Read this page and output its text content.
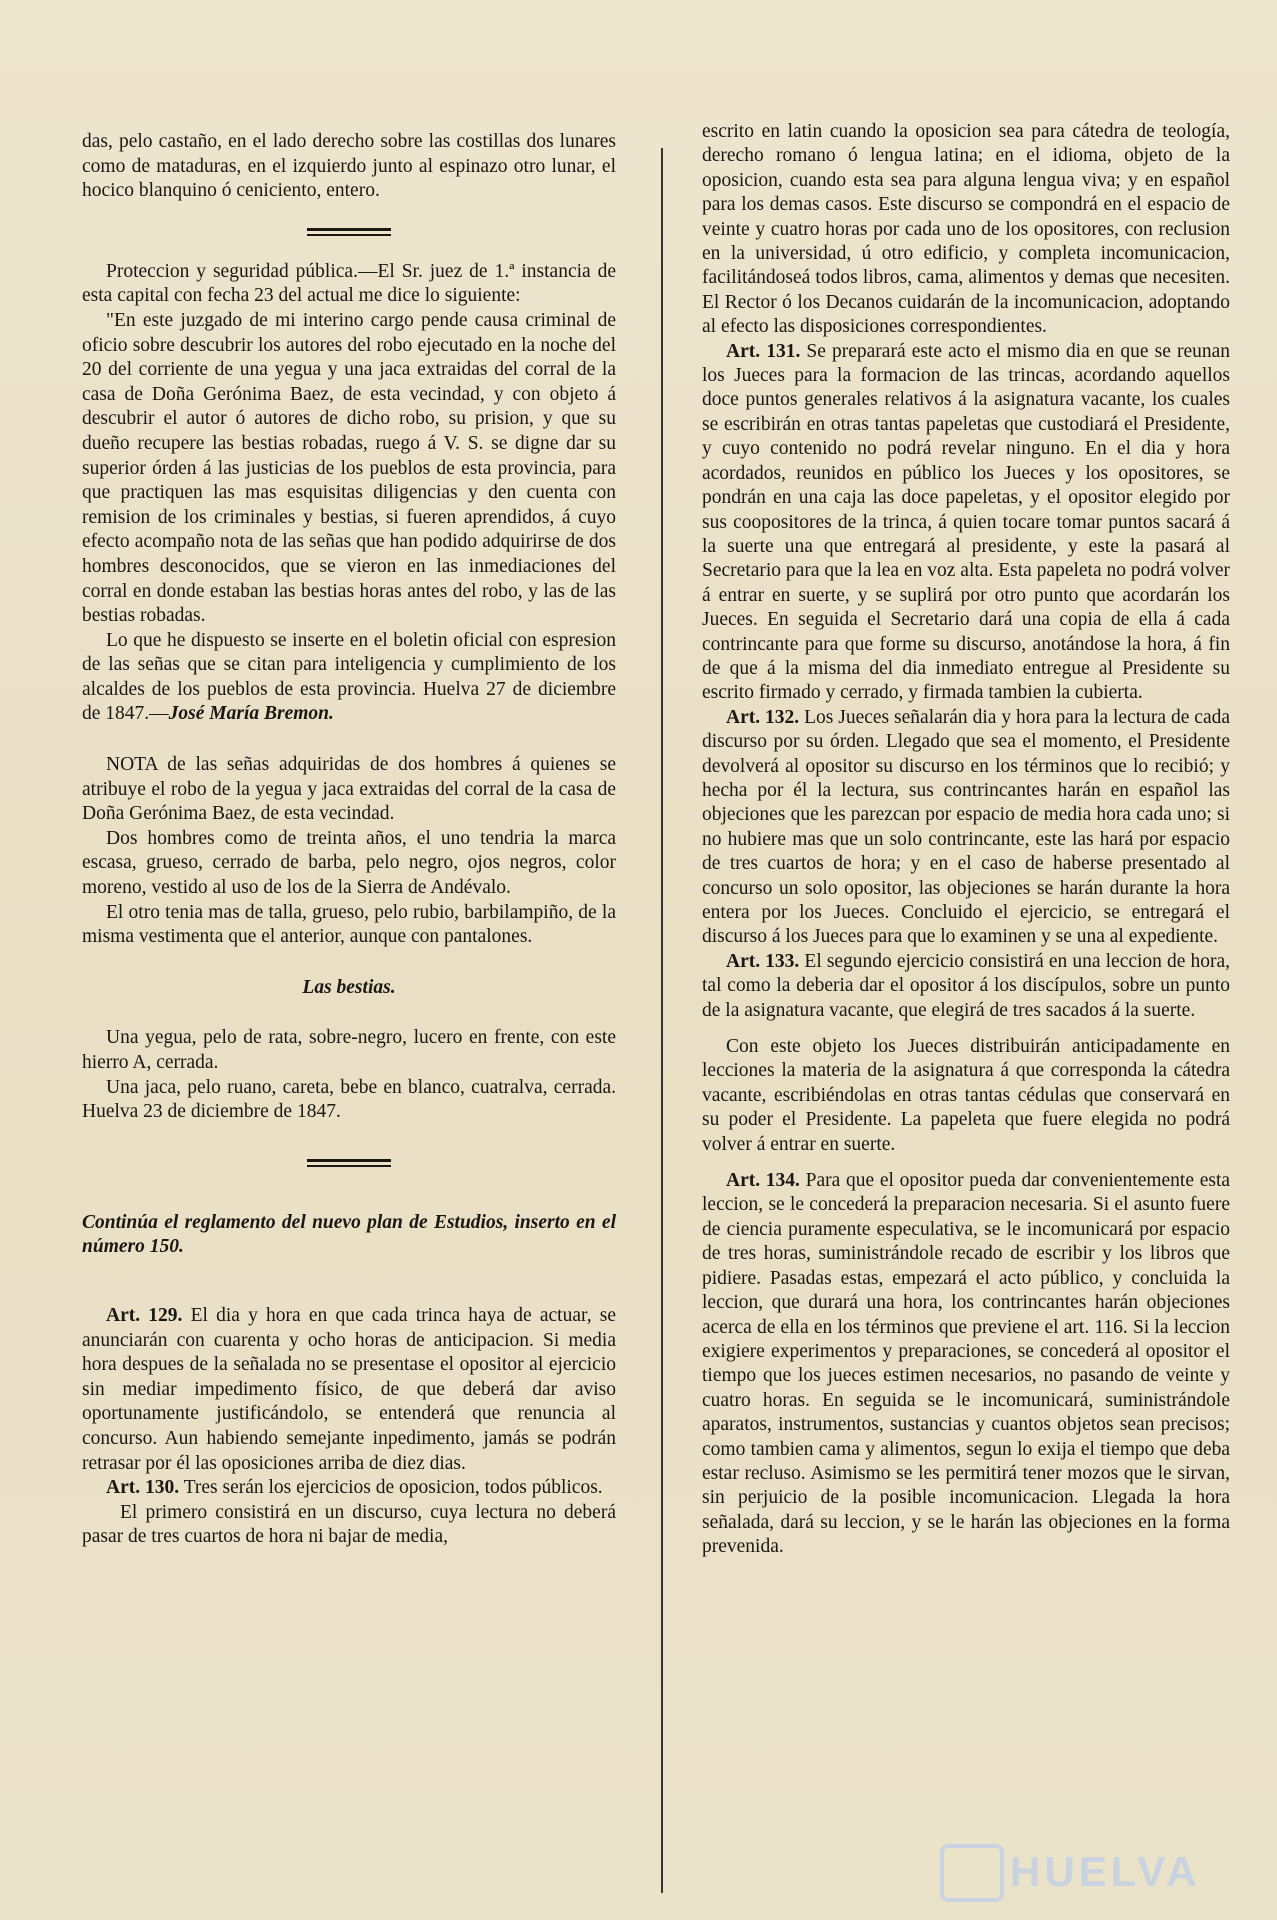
das, pelo castaño, en el lado derecho sobre las costillas dos lunares como de mataduras, en el izquierdo junto al espinazo otro lunar, el hocico blanquino ó ceniciento, entero.

Proteccion y seguridad pública.—El Sr. juez de 1.ª instancia de esta capital con fecha 23 del actual me dice lo siguiente:

"En este juzgado de mi interino cargo pende causa criminal de oficio sobre descubrir los autores del robo ejecutado en la noche del 20 del corriente de una yegua y una jaca extraidas del corral de la casa de Doña Gerónima Baez, de esta vecindad, y con objeto á descubrir el autor ó autores de dicho robo, su prision, y que su dueño recupere las bestias robadas, ruego á V. S. se digne dar su superior órden á las justicias de los pueblos de esta provincia, para que practiquen las mas esquisitas diligencias y den cuenta con remision de los criminales y bestias, si fueren aprendidos, á cuyo efecto acompaño nota de las señas que han podido adquirirse de dos hombres desconocidos, que se vieron en las inmediaciones del corral en donde estaban las bestias horas antes del robo, y las de las bestias robadas.

Lo que he dispuesto se inserte en el boletin oficial con espresion de las señas que se citan para inteligencia y cumplimiento de los alcaldes de los pueblos de esta provincia. Huelva 27 de diciembre de 1847.—José María Bremon.

NOTA de las señas adquiridas de dos hombres á quienes se atribuye el robo de la yegua y jaca extraidas del corral de la casa de Doña Gerónima Baez, de esta vecindad.

Dos hombres como de treinta años, el uno tendria la marca escasa, grueso, cerrado de barba, pelo negro, ojos negros, color moreno, vestido al uso de los de la Sierra de Andévalo.

El otro tenia mas de talla, grueso, pelo rubio, barbilampiño, de la misma vestimenta que el anterior, aunque con pantalones.

Las bestias.

Una yegua, pelo de rata, sobre-negro, lucero en frente, con este hierro A, cerrada.

Una jaca, pelo ruano, careta, bebe en blanco, cuatralva, cerrada. Huelva 23 de diciembre de 1847.

Continúa el reglamento del nuevo plan de Estudios, inserto en el número 150.

Art. 129. El dia y hora en que cada trinca haya de actuar, se anunciarán con cuarenta y ocho horas de anticipacion. Si media hora despues de la señalada no se presentase el opositor al ejercicio sin mediar impedimento físico, de que deberá dar aviso oportunamente justificándolo, se entenderá que renuncia al concurso. Aun habiendo semejante inpedimento, jamás se podrán retrasar por él las oposiciones arriba de diez dias.

Art. 130. Tres serán los ejercicios de oposicion, todos públicos.

El primero consistirá en un discurso, cuya lectura no deberá pasar de tres cuartos de hora ni bajar de media,

escrito en latin cuando la oposicion sea para cátedra de teología, derecho romano ó lengua latina; en el idioma, objeto de la oposicion, cuando esta sea para alguna lengua viva; y en español para los demas casos. Este discurso se compondrá en el espacio de veinte y cuatro horas por cada uno de los opositores, con reclusion en la universidad, ú otro edificio, y completa incomunicacion, facilitándoseá todos libros, cama, alimentos y demas que necesiten. El Rector ó los Decanos cuidarán de la incomunicacion, adoptando al efecto las disposiciones correspondientes.

Art. 131. Se preparará este acto el mismo dia en que se reunan los Jueces para la formacion de las trincas, acordando aquellos doce puntos generales relativos á la asignatura vacante, los cuales se escribirán en otras tantas papeletas que custodiará el Presidente, y cuyo contenido no podrá revelar ninguno. En el dia y hora acordados, reunidos en público los Jueces y los opositores, se pondrán en una caja las doce papeletas, y el opositor elegido por sus coopositores de la trinca, á quien tocare tomar puntos sacará á la suerte una que entregará al presidente, y este la pasará al Secretario para que la lea en voz alta. Esta papeleta no podrá volver á entrar en suerte, y se suplirá por otro punto que acordarán los Jueces. En seguida el Secretario dará una copia de ella á cada contrincante para que forme su discurso, anotándose la hora, á fin de que á la misma del dia inmediato entregue al Presidente su escrito firmado y cerrado, y firmada tambien la cubierta.

Art. 132. Los Jueces señalarán dia y hora para la lectura de cada discurso por su órden. Llegado que sea el momento, el Presidente devolverá al opositor su discurso en los términos que lo recibió; y hecha por él la lectura, sus contrincantes harán en español las objeciones que les parezcan por espacio de media hora cada uno; si no hubiere mas que un solo contrincante, este las hará por espacio de tres cuartos de hora; y en el caso de haberse presentado al concurso un solo opositor, las objeciones se harán durante la hora entera por los Jueces. Concluido el ejercicio, se entregará el discurso á los Jueces para que lo examinen y se una al expediente.

Art. 133. El segundo ejercicio consistirá en una leccion de hora, tal como la deberia dar el opositor á los discípulos, sobre un punto de la asignatura vacante, que elegirá de tres sacados á la suerte.

Con este objeto los Jueces distribuirán anticipadamente en lecciones la materia de la asignatura á que corresponda la cátedra vacante, escribiéndolas en otras tantas cédulas que conservará en su poder el Presidente. La papeleta que fuere elegida no podrá volver á entrar en suerte.

Art. 134. Para que el opositor pueda dar convenientemente esta leccion, se le concederá la preparacion necesaria. Si el asunto fuere de ciencia puramente especulativa, se le incomunicará por espacio de tres horas, suministrándole recado de escribir y los libros que pidiere. Pasadas estas, empezará el acto público, y concluida la leccion, que durará una hora, los contrincantes harán objeciones acerca de ella en los términos que previene el art. 116. Si la leccion exigiere experimentos y preparaciones, se concederá al opositor el tiempo que los jueces estimen necesarios, no pasando de veinte y cuatro horas. En seguida se le incomunicará, suministrándole aparatos, instrumentos, sustancias y cuantos objetos sean precisos; como tambien cama y alimentos, segun lo exija el tiempo que deba estar recluso. Asimismo se les permitirá tener mozos que le sirvan, sin perjuicio de la posible incomunicacion. Llegada la hora señalada, dará su leccion, y se le harán las objeciones en la forma prevenida.

HUELVA
